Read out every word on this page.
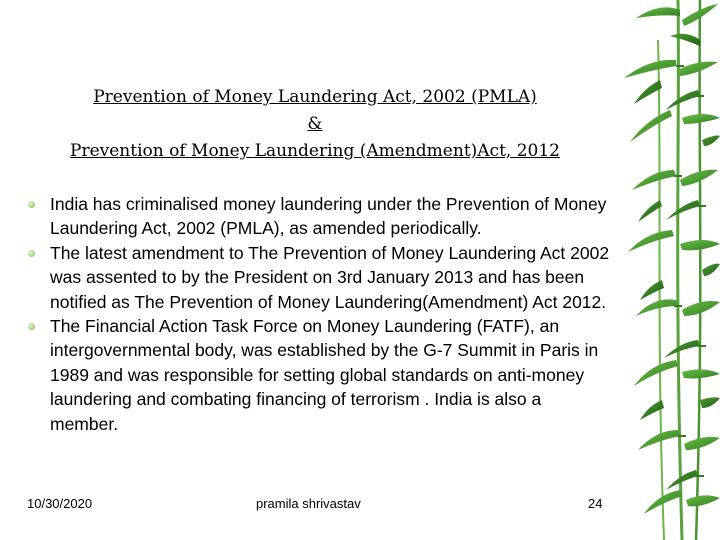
Prevention of Money Laundering Act, 2002 (PMLA)
&
Prevention of Money Laundering (Amendment)Act, 2012
India has criminalised money laundering under the Prevention of Money Laundering Act, 2002 (PMLA), as amended periodically.
The latest amendment to The Prevention of Money Laundering Act 2002 was assented to by the President on 3rd January 2013 and has been notified as The Prevention of Money Laundering(Amendment) Act 2012.
The Financial Action Task Force on Money Laundering (FATF), an intergovernmental body, was established by the G-7 Summit in Paris in 1989 and was responsible for setting global standards on anti-money laundering and combating financing of terrorism . India is also a member.
10/30/2020	pramila shrivastav	24
